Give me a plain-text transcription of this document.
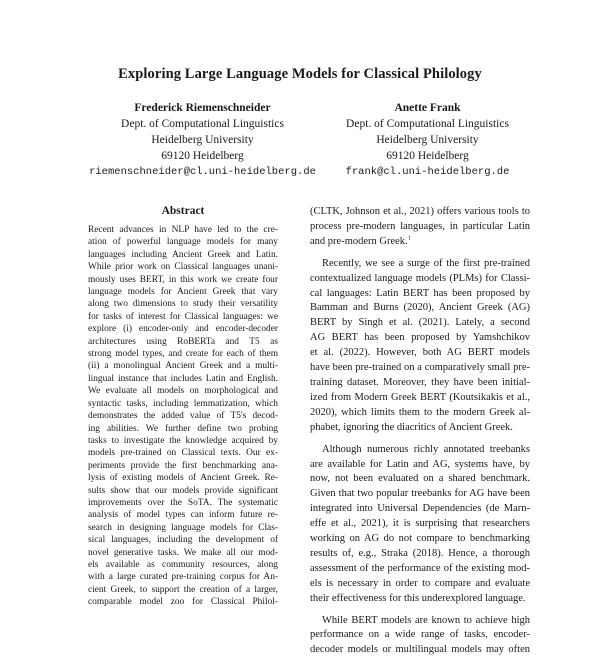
Exploring Large Language Models for Classical Philology
Frederick Riemenschneider
Dept. of Computational Linguistics
Heidelberg University
69120 Heidelberg
riemenschneider@cl.uni-heidelberg.de
Anette Frank
Dept. of Computational Linguistics
Heidelberg University
69120 Heidelberg
frank@cl.uni-heidelberg.de
Abstract
Recent advances in NLP have led to the cre-
ation of powerful language models for many
languages including Ancient Greek and Latin.
While prior work on Classical languages unani-
mously uses BERT, in this work we create four
language models for Ancient Greek that vary
along two dimensions to study their versatility
for tasks of interest for Classical languages: we
explore (i) encoder-only and encoder-decoder
architectures using RoBERTa and T5 as
strong model types, and create for each of them
(ii) a monolingual Ancient Greek and a multi-
lingual instance that includes Latin and English.
We evaluate all models on morphological and
syntactic tasks, including lemmatization, which
demonstrates the added value of T5's decod-
ing abilities. We further define two probing
tasks to investigate the knowledge acquired by
models pre-trained on Classical texts. Our ex-
periments provide the first benchmarking ana-
lysis of existing models of Ancient Greek. Re-
sults show that our models provide significant
improvements over the SoTA. The systematic
analysis of model types can inform future re-
search in designing language models for Clas-
sical languages, including the development of
novel generative tasks. We make all our mod-
els available as community resources, along
with a large curated pre-training corpus for An-
cient Greek, to support the creation of a larger,
comparable model zoo for Classical Philol-
(CLTK, Johnson et al., 2021) offers various tools to
process pre-modern languages, in particular Latin
and pre-modern Greek.$^1$
Recently, we see a surge of the first pre-trained
contextualized language models (PLMs) for Classi-
cal languages: Latin BERT has been proposed by
Bamman and Burns (2020), Ancient Greek (AG)
BERT by Singh et al. (2021). Lately, a second
AG BERT has been proposed by Yamshchikov
et al. (2022). However, both AG BERT models
have been pre-trained on a comparatively small pre-
training dataset. Moreover, they have been initial-
ized from Modern Greek BERT (Koutsikakis et al.,
2020), which limits them to the modern Greek al-
phabet, ignoring the diacritics of Ancient Greek.
Although numerous richly annotated treebanks
are available for Latin and AG, systems have, by
now, not been evaluated on a shared benchmark.
Given that two popular treebanks for AG have been
integrated into Universal Dependencies (de Marn-
effe et al., 2021), it is surprising that researchers
working on AG do not compare to benchmarking
results of, e.g., Straka (2018). Hence, a thorough
assessment of the performance of the existing mod-
els is necessary in order to compare and evaluate
their effectiveness for this underexplored language.
While BERT models are known to achieve high
performance on a wide range of tasks, encoder-
decoder models or multilingual models may often
